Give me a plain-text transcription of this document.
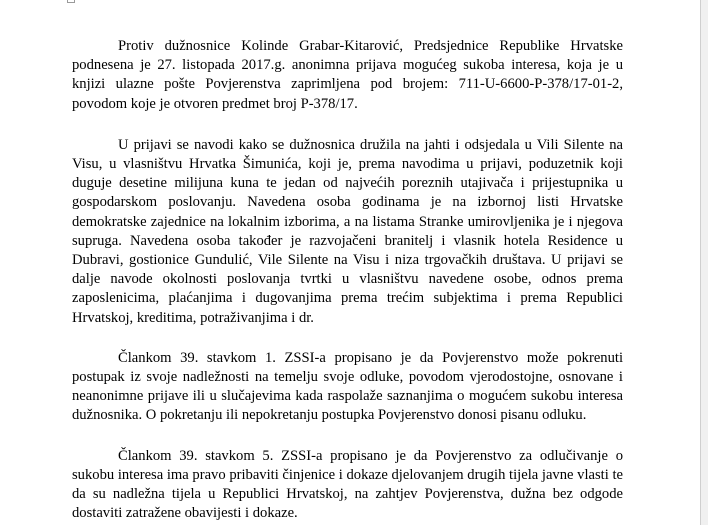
Protiv dužnosnice Kolinde Grabar-Kitarović, Predsjednice Republike Hrvatske podnesena je 27. listopada 2017.g. anonimna prijava mogućeg sukoba interesa, koja je u knjizi ulazne pošte Povjerenstva zaprimljena pod brojem: 711-U-6600-P-378/17-01-2, povodom koje je otvoren predmet broj P-378/17.

U prijavi se navodi kako se dužnosnica družila na jahti i odsjedala u Vili Silente na Visu, u vlasništvu Hrvatka Šimunića, koji je, prema navodima u prijavi, poduzetnik koji duguje desetine milijuna kuna te jedan od najvećih poreznih utajivača i prijestupnika u gospodarskom poslovanju. Navedena osoba godinama je na izbornoj listi Hrvatske demokratske zajednice na lokalnim izborima, a na listama Stranke umirovljenika je i njegova supruga. Navedena osoba također je razvojačeni branitelj i vlasnik hotela Residence u Dubravi, gostionice Gundulić, Vile Silente na Visu i niza trgovačkih društava. U prijavi se dalje navode okolnosti poslovanja tvrtki u vlasništvu navedene osobe, odnos prema zaposlenicima, plaćanjima i dugovanjima prema trećim subjektima i prema Republici Hrvatskoj, kreditima, potraživanjima i dr.

Člankom 39. stavkom 1. ZSSI-a propisano je da Povjerenstvo može pokrenuti postupak iz svoje nadležnosti na temelju svoje odluke, povodom vjerodostojne, osnovane i neanonimne prijave ili u slučajevima kada raspolaže saznanjima o mogućem sukobu interesa dužnosnika. O pokretanju ili nepokretanju postupka Povjerenstvo donosi pisanu odluku.

Člankom 39. stavkom 5. ZSSI-a propisano je da Povjerenstvo za odlučivanje o sukobu interesa ima pravo pribaviti činjenice i dokaze djelovanjem drugih tijela javne vlasti te da su nadležna tijela u Republici Hrvatskoj, na zahtjev Povjerenstva, dužna bez odgode dostaviti zatražene obavijesti i dokaze.
